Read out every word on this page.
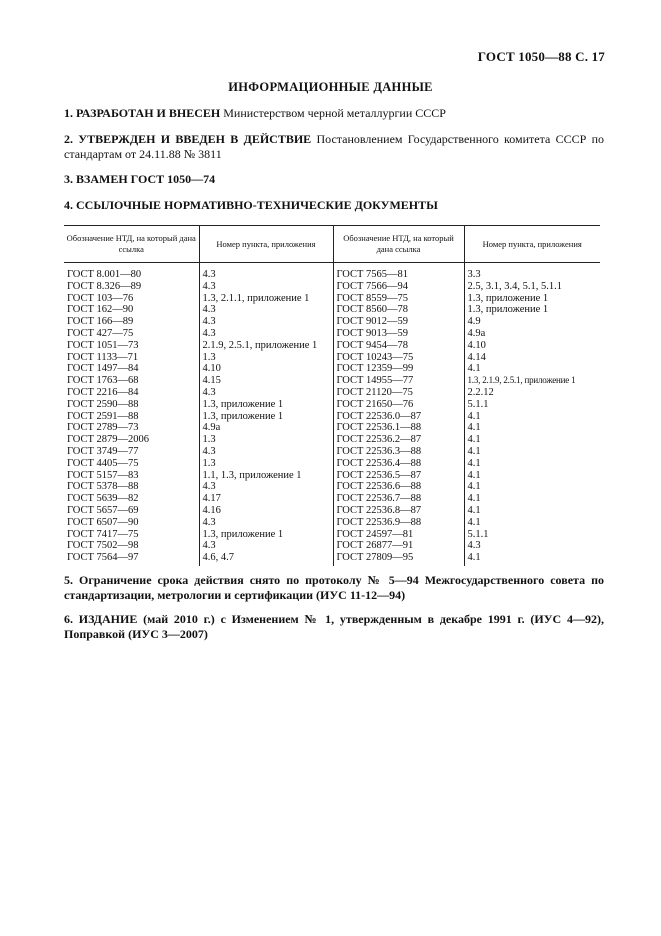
ГОСТ 1050—88 С. 17
ИНФОРМАЦИОННЫЕ ДАННЫЕ
1. РАЗРАБОТАН И ВНЕСЕН Министерством черной металлургии СССР
2. УТВЕРЖДЕН И ВВЕДЕН В ДЕЙСТВИЕ Постановлением Государственного комитета СССР по стандартам от 24.11.88 № 3811
3. ВЗАМЕН ГОСТ 1050—74
4. ССЫЛОЧНЫЕ НОРМАТИВНО-ТЕХНИЧЕСКИЕ ДОКУМЕНТЫ
Обозначение НТД, на который дана ссылка	Номер пункта, приложения	Обозначение НТД, на который дана ссылка	Номер пункта, приложения
ГОСТ 8.001—80	4.3	ГОСТ 7565—81	3.3
ГОСТ 8.326—89	4.3	ГОСТ 7566—94	2.5, 3.1, 3.4, 5.1, 5.1.1
ГОСТ 103—76	1.3, 2.1.1, приложение 1	ГОСТ 8559—75	1.3, приложение 1
ГОСТ 162—90	4.3	ГОСТ 8560—78	1.3, приложение 1
ГОСТ 166—89	4.3	ГОСТ 9012—59	4.9
ГОСТ 427—75	4.3	ГОСТ 9013—59	4.9а
ГОСТ 1051—73	2.1.9, 2.5.1, приложение 1	ГОСТ 9454—78	4.10
ГОСТ 1133—71	1.3	ГОСТ 10243—75	4.14
ГОСТ 1497—84	4.10	ГОСТ 12359—99	4.1
ГОСТ 1763—68	4.15	ГОСТ 14955—77	1.3, 2.1.9, 2.5.1, приложение 1
ГОСТ 2216—84	4.3	ГОСТ 21120—75	2.2.12
ГОСТ 2590—88	1.3, приложение 1	ГОСТ 21650—76	5.1.1
ГОСТ 2591—88	1.3, приложение 1	ГОСТ 22536.0—87	4.1
ГОСТ 2789—73	4.9а	ГОСТ 22536.1—88	4.1
ГОСТ 2879—2006	1.3	ГОСТ 22536.2—87	4.1
ГОСТ 3749—77	4.3	ГОСТ 22536.3—88	4.1
ГОСТ 4405—75	1.3	ГОСТ 22536.4—88	4.1
ГОСТ 5157—83	1.1, 1.3, приложение 1	ГОСТ 22536.5—87	4.1
ГОСТ 5378—88	4.3	ГОСТ 22536.6—88	4.1
ГОСТ 5639—82	4.17	ГОСТ 22536.7—88	4.1
ГОСТ 5657—69	4.16	ГОСТ 22536.8—87	4.1
ГОСТ 6507—90	4.3	ГОСТ 22536.9—88	4.1
ГОСТ 7417—75	1.3, приложение 1	ГОСТ 24597—81	5.1.1
ГОСТ 7502—98	4.3	ГОСТ 26877—91	4.3
ГОСТ 7564—97	4.6, 4.7	ГОСТ 27809—95	4.1
5. Ограничение срока действия снято по протоколу № 5—94 Межгосударственного совета по стандартизации, метрологии и сертификации (ИУС 11-12—94)
6. ИЗДАНИЕ (май 2010 г.) с Изменением № 1, утвержденным в декабре 1991 г. (ИУС 4—92), Поправкой (ИУС 3—2007)
